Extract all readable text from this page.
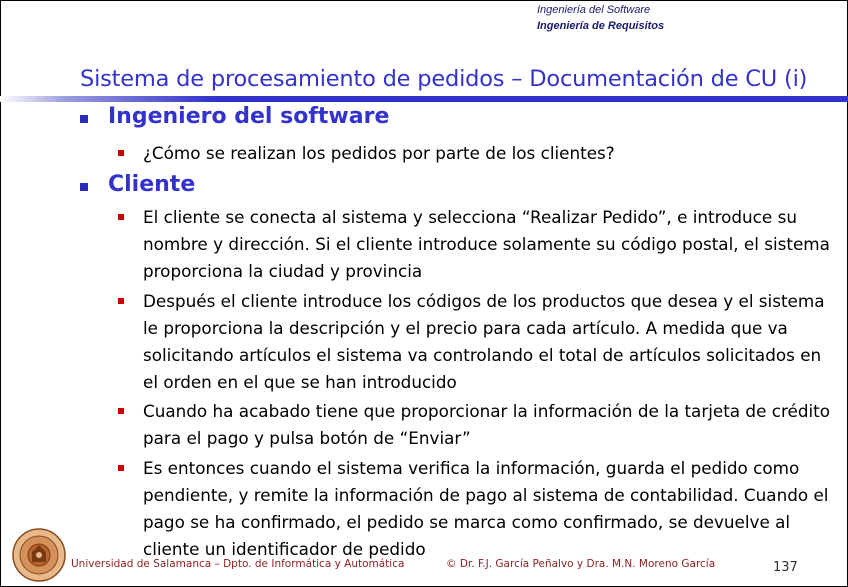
Ingeniería del Software
Ingeniería de Requisitos
Sistema de procesamiento de pedidos – Documentación de CU (i)
Ingeniero del software
¿Cómo se realizan los pedidos por parte de los clientes?
Cliente
El cliente se conecta al sistema y selecciona “Realizar Pedido”, e introduce su nombre y dirección. Si el cliente introduce solamente su código postal, el sistema proporciona la ciudad y provincia
Después el cliente introduce los códigos de los productos que desea y el sistema le proporciona la descripción y el precio para cada artículo. A medida que va solicitando artículos el sistema va controlando el total de artículos solicitados en el orden en el que se han introducido
Cuando ha acabado tiene que proporcionar la información de la tarjeta de crédito para el pago y pulsa botón de “Enviar”
Es entonces cuando el sistema verifica la información, guarda el pedido como pendiente, y remite la información de pago al sistema de contabilidad. Cuando el pago se ha confirmado, el pedido se marca como confirmado, se devuelve al cliente un identificador de pedido
Universidad de Salamanca – Dpto. de Informática y Automática	© Dr. F.J. García Peñalvo y Dra. M.N. Moreno García	137
